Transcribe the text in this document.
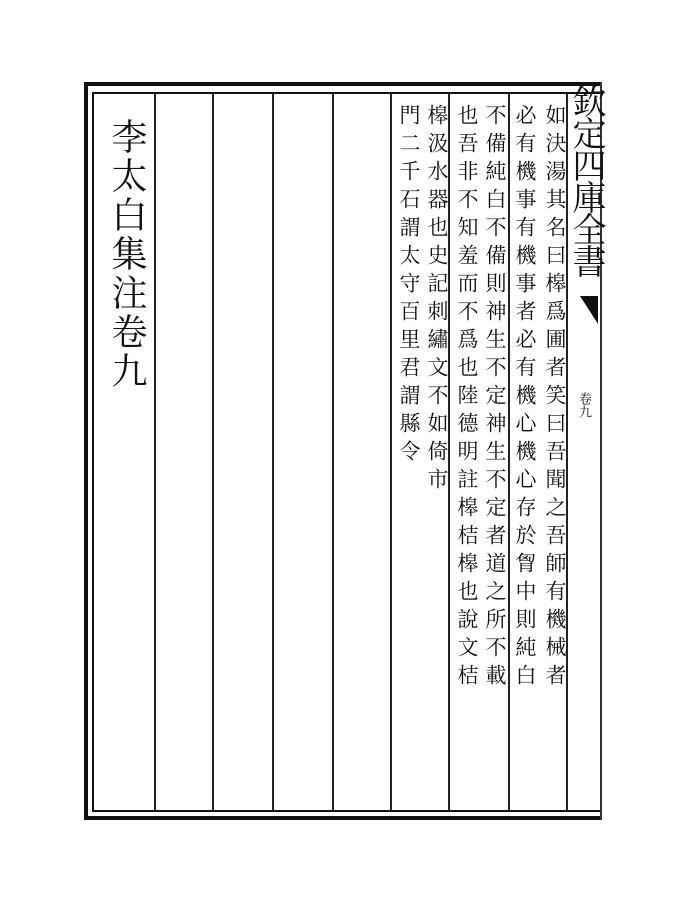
李太白集注卷九	如決湯其名曰槔爲圃者笑曰吾聞之吾師有機械者
必有機事有機事者必有機心機心存於胷中則純白
不備純白不備則神生不定神生不定者道之所不載
也吾非不知羞而不爲也陸德明註槔桔槔也說文桔
槔汲水器也史記刺繡文不如倚市
門二千石謂太守百里君謂縣令	欽定四庫全書
卷九
